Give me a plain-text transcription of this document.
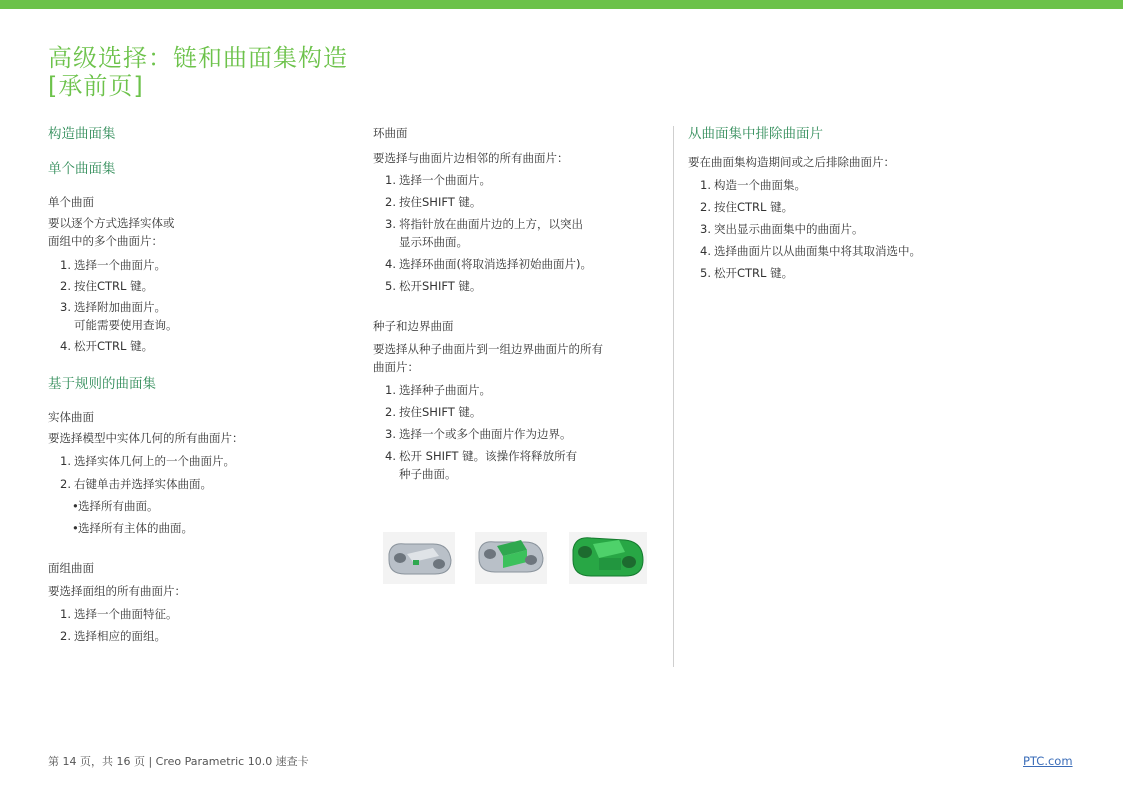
高级选择：链和曲面集构造
[承前页]
构造曲面集
单个曲面集
单个曲面
要以逐个方式选择实体或
面组中的多个曲面片：
1. 选择一个曲面片。
2. 按住CTRL 键。
3. 选择附加曲面片。
可能需要使用查询。
4. 松开CTRL 键。
基于规则的曲面集
实体曲面
要选择模型中实体几何的所有曲面片：
1. 选择实体几何上的一个曲面片。
2. 右键单击并选择实体曲面。
•选择所有曲面。
•选择所有主体的曲面。
面组曲面
要选择面组的所有曲面片：
1. 选择一个曲面特征。
2. 选择相应的面组。
环曲面
要选择与曲面片边相邻的所有曲面片：
1. 选择一个曲面片。
2. 按住SHIFT 键。
3. 将指针放在曲面片边的上方，以突出
显示环曲面。
4. 选择环曲面(将取消选择初始曲面片)。
5. 松开SHIFT 键。
种子和边界曲面
要选择从种子曲面片到一组边界曲面片的所有
曲面片：
1. 选择种子曲面片。
2. 按住SHIFT 键。
3. 选择一个或多个曲面片作为边界。
4. 松开 SHIFT 键。该操作将释放所有
种子曲面。
从曲面集中排除曲面片
要在曲面集构造期间或之后排除曲面片：
1. 构造一个曲面集。
2. 按住CTRL 键。
3. 突出显示曲面集中的曲面片。
4. 选择曲面片以从曲面集中将其取消选中。
5. 松开CTRL 键。
第 14 页，共 16 页 | Creo Parametric 10.0 速查卡	PTC.com
